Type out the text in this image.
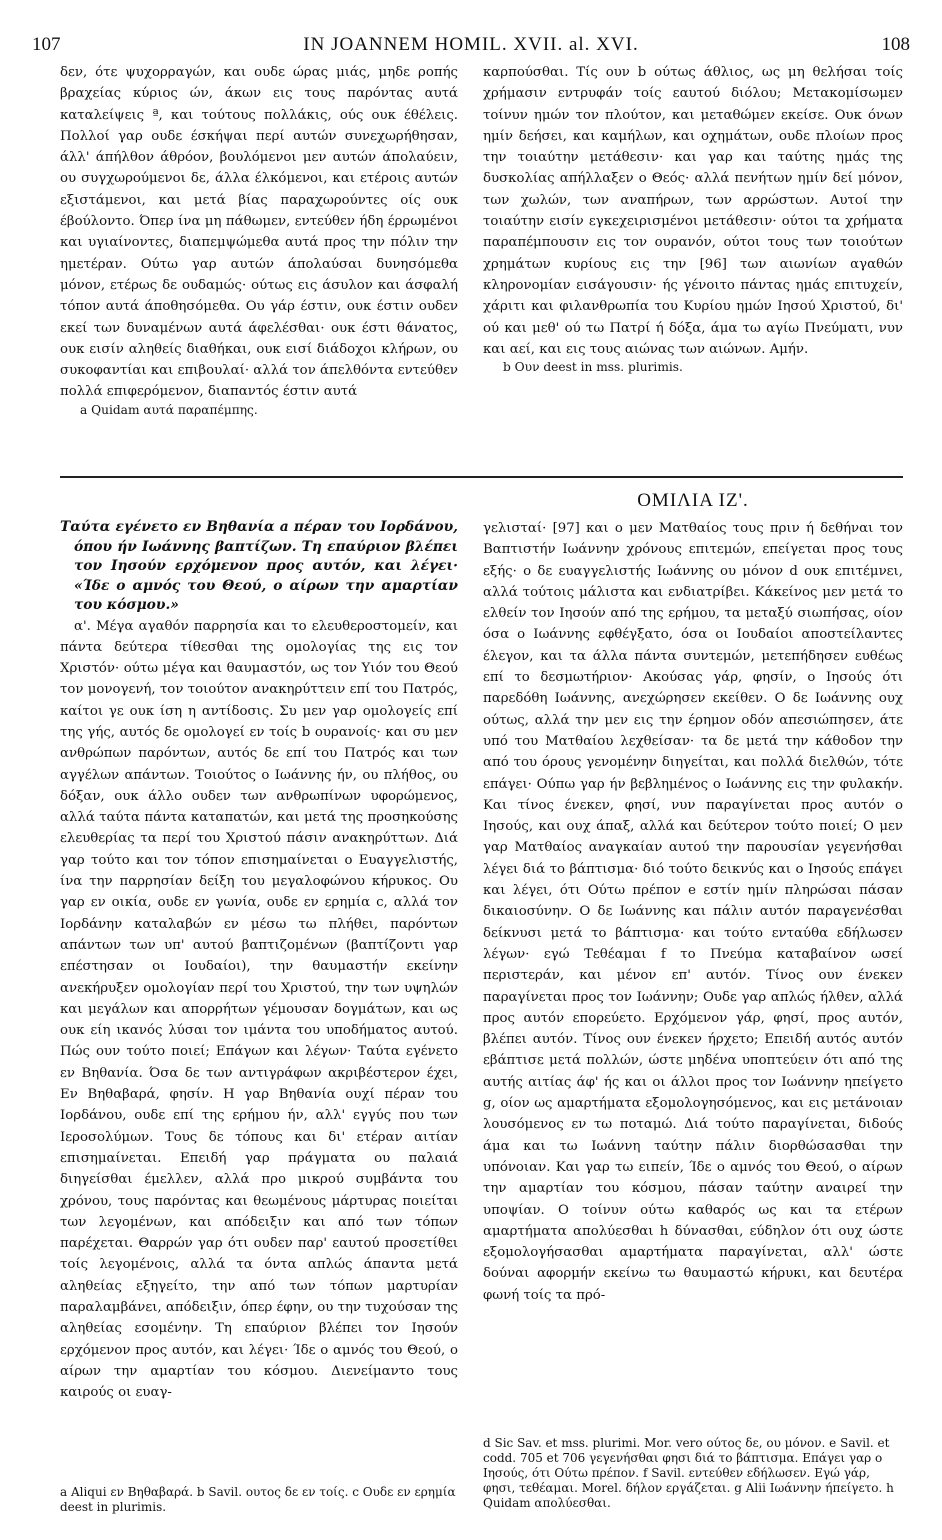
107	IN JOANNEM HOMIL. XVII. al. XVI.	108

δεν, ότε ψυχορραγών, και ουδε ώρας μιάς, μηδε ροπής βραχείας κύριος ών, άκων εις τους παρόντας αυτά καταλείψεις ª, και τούτους πολλάκις, ούς ουκ έθέλεις. Πολλοί γαρ ουδε έσκήψαι περί αυτών συνεχωρήθησαν, άλλ' άπήλθον άθρόον, βουλόμενοι μεν αυτών άπολαύειν, ου συγχωρούμενοι δε, άλλα έλκόμενοι, και ετέροις αυτών εξιστάμενοι, και μετά βίας παραχωρούντες οίς ουκ έβούλοντο. Όπερ ίνα μη πάθωμεν, εντεύθεν ήδη έρρωμένοι και υγιαίνοντες, διαπεμψώμεθα αυτά προς την πόλιν την ημετέραν. Ούτω γαρ αυτών άπολαύσαι δυνησόμεθα μόνον, ετέρως δε ουδαμώς· ούτως εις άσυλον και άσφαλή τόπον αυτά άποθησόμεθα. Ου γάρ έστιν, ουκ έστιν ουδεν εκεί των δυναμένων αυτά άφελέσθαι· ουκ έστι θάνατος, ουκ εισίν αληθείς διαθήκαι, ουκ εισί διάδοχοι κλήρων, ου συκοφαντίαι και επιβουλαί· αλλά τον άπελθόντα εντεύθεν πολλά επιφερόμενον, διαπαντός έστιν αυτά

a Quidam αυτά παραπέμπης.

καρπούσθαι. Τίς ουν b ούτως άθλιος, ως μη θελήσαι τοίς χρήμασιν εντρυφάν τοίς εαυτού διόλου; Μετακομίσωμεν τοίνυν ημών τον πλούτον, και μεταθώμεν εκείσε. Ουκ όνων ημίν δεήσει, και καμήλων, και οχημάτων, ουδε πλοίων προς την τοιαύτην μετάθεσιν· και γαρ και ταύτης ημάς της δυσκολίας απήλλαξεν ο Θεός· αλλά πενήτων ημίν δεί μόνον, των χωλών, των αναπήρων, των αρρώστων. Αυτοί την τοιαύτην εισίν εγκεχειρισμένοι μετάθεσιν· ούτοι τα χρήματα παραπέμπουσιν εις τον ουρανόν, ούτοι τους των τοιούτων χρημάτων κυρίους εις την [96] των αιωνίων αγαθών κληρονομίαν εισάγουσιν· ής γένοιτο πάντας ημάς επιτυχείν, χάριτι και φιλανθρωπία του Κυρίου ημών Ιησού Χριστού, δι' ού και μεθ' ού τω Πατρί ή δόξα, άμα τω αγίω Πνεύματι, νυν και αεί, και εις τους αιώνας των αιώνων. Αμήν.

b Ουν deest in mss. plurimis.

ΟΜΙΛΙΑ ΙΖ'.

Ταύτα εγένετο εν Βηθανία a πέραν του Ιορδάνου, όπου ήν Ιωάννης βαπτίζων. Τη επαύριον βλέπει τον Ιησούν ερχόμενον προς αυτόν, και λέγει· «Ίδε ο αμνός του Θεού, ο αίρων την αμαρτίαν του κόσμου.»

α'. Μέγα αγαθόν παρρησία και το ελευθεροστομείν, και πάντα δεύτερα τίθεσθαι της ομολογίας της εις τον Χριστόν· ούτω μέγα και θαυμαστόν, ως τον Υιόν του Θεού τον μονογενή, τον τοιούτον ανακηρύττειν επί του Πατρός, καίτοι γε ουκ ίση η αντίδοσις. Συ μεν γαρ ομολογείς επί της γής, αυτός δε ομολογεί εν τοίς b ουρανοίς· και συ μεν ανθρώπων παρόντων, αυτός δε επί του Πατρός και των αγγέλων απάντων. Τοιούτος ο Ιωάννης ήν, ου πλήθος, ου δόξαν, ουκ άλλο ουδεν των ανθρωπίνων υφορώμενος, αλλά ταύτα πάντα καταπατών, και μετά της προσηκούσης ελευθερίας τα περί του Χριστού πάσιν ανακηρύττων. Διά γαρ τούτο και τον τόπον επισημαίνεται ο Ευαγγελιστής, ίνα την παρρησίαν δείξη του μεγαλοφώνου κήρυκος. Ου γαρ εν οικία, ουδε εν γωνία, ουδε εν ερημία c, αλλά τον Ιορδάνην καταλαβών εν μέσω τω πλήθει, παρόντων απάντων των υπ' αυτού βαπτιζομένων (βαπτίζοντι γαρ επέστησαν οι Ιουδαίοι), την θαυμαστήν εκείνην ανεκήρυξεν ομολογίαν περί του Χριστού, την των υψηλών και μεγάλων και απορρήτων γέμουσαν δογμάτων, και ως ουκ είη ικανός λύσαι τον ιμάντα του υποδήματος αυτού. Πώς ουν τούτο ποιεί; Επάγων και λέγων· Ταύτα εγένετο εν Βηθανία. Όσα δε των αντιγράφων ακριβέστερον έχει, Εν Βηθαβαρά, φησίν. Η γαρ Βηθανία ουχί πέραν του Ιορδάνου, ουδε επί της ερήμου ήν, αλλ' εγγύς που των Ιεροσολύμων. Τους δε τόπους και δι' ετέραν αιτίαν επισημαίνεται. Επειδή γαρ πράγματα ου παλαιά διηγείσθαι έμελλεν, αλλά προ μικρού συμβάντα του χρόνου, τους παρόντας και θεωμένους μάρτυρας ποιείται των λεγομένων, και απόδειξιν και από των τόπων παρέχεται. Θαρρών γαρ ότι ουδεν παρ' εαυτού προσετίθει τοίς λεγομένοις, αλλά τα όντα απλώς άπαντα μετά αληθείας εξηγείτο, την από των τόπων μαρτυρίαν παραλαμβάνει, απόδειξιν, όπερ έφην, ου την τυχούσαν της αληθείας εσομένην. Τη επαύριον βλέπει τον Ιησούν ερχόμενον προς αυτόν, και λέγει· Ίδε ο αμνός του Θεού, ο αίρων την αμαρτίαν του κόσμου. Διενείμαντο τους καιρούς οι ευαγ-

γελισταί· [97] και ο μεν Ματθαίος τους πριν ή δεθήναι τον Βαπτιστήν Ιωάννην χρόνους επιτεμών, επείγεται προς τους εξής· ο δε ευαγγελιστής Ιωάννης ου μόνον d ουκ επιτέμνει, αλλά τούτοις μάλιστα και ενδιατρίβει. Κάκείνος μεν μετά το ελθείν τον Ιησούν από της ερήμου, τα μεταξύ σιωπήσας, οίον όσα ο Ιωάννης εφθέγξατο, όσα οι Ιουδαίοι αποστείλαντες έλεγον, και τα άλλα πάντα συντεμών, μετεπήδησεν ευθέως επί το δεσμωτήριον· Ακούσας γάρ, φησίν, ο Ιησούς ότι παρεδόθη Ιωάννης, ανεχώρησεν εκείθεν. Ο δε Ιωάννης ουχ ούτως, αλλά την μεν εις την έρημον οδόν απεσιώπησεν, άτε υπό του Ματθαίου λεχθείσαν· τα δε μετά την κάθοδον την από του όρους γενομένην διηγείται, και πολλά διελθών, τότε επάγει· Ούπω γαρ ήν βεβλημένος ο Ιωάννης εις την φυλακήν. Και τίνος ένεκεν, φησί, νυν παραγίνεται προς αυτόν ο Ιησούς, και ουχ άπαξ, αλλά και δεύτερον τούτο ποιεί; Ο μεν γαρ Ματθαίος αναγκαίαν αυτού την παρουσίαν γεγενήσθαι λέγει διά το βάπτισμα· διό τούτο δεικνύς και ο Ιησούς επάγει και λέγει, ότι Ούτω πρέπον e εστίν ημίν πληρώσαι πάσαν δικαιοσύνην. Ο δε Ιωάννης και πάλιν αυτόν παραγενέσθαι δείκνυσι μετά το βάπτισμα· και τούτο ενταύθα εδήλωσεν λέγων· εγώ Τεθέαμαι f το Πνεύμα καταβαίνον ωσεί περιστεράν, και μένον επ' αυτόν. Τίνος ουν ένεκεν παραγίνεται προς τον Ιωάννην; Ουδε γαρ απλώς ήλθεν, αλλά προς αυτόν επορεύετο. Ερχόμενον γάρ, φησί, προς αυτόν, βλέπει αυτόν. Τίνος ουν ένεκεν ήρχετο; Επειδή αυτός αυτόν εβάπτισε μετά πολλών, ώστε μηδένα υποπτεύειν ότι από της αυτής αιτίας άφ' ής και οι άλλοι προς τον Ιωάννην ηπείγετο g, οίον ως αμαρτήματα εξομολογησόμενος, και εις μετάνοιαν λουσόμενος εν τω ποταμώ. Διά τούτο παραγίνεται, διδούς άμα και τω Ιωάννη ταύτην πάλιν διορθώσασθαι την υπόνοιαν. Και γαρ τω ειπείν, Ίδε ο αμνός του Θεού, ο αίρων την αμαρτίαν του κόσμου, πάσαν ταύτην αναιρεί την υποψίαν. Ο τοίνυν ούτω καθαρός ως και τα ετέρων αμαρτήματα απολύεσθαι h δύνασθαι, εύδηλον ότι ουχ ώστε εξομολογήσασθαι αμαρτήματα παραγίνεται, αλλ' ώστε δούναι αφορμήν εκείνω τω θαυμαστώ κήρυκι, και δευτέρα φωνή τοίς τα πρό-

d Sic Sav. et mss. plurimi. Mor. vero ούτος δε, ου μόνον. e Savil. et codd. 705 et 706 γεγενήσθαι φησι διά το βάπτισμα. Επάγει γαρ ο Ιησούς, ότι Ούτω πρέπον. f Savil. εντεύθεν εδήλωσεν. Εγώ γάρ, φησι, τεθέαμαι. Morel. δήλον εργάζεται. g Alii Ιωάννην ήπείγετο. h Quidam απολύεσθαι.

a Aliqui εν Βηθαβαρά. b Savil. ουτος δε εν τοίς. c Ουδε εν ερημία deest in plurimis.
